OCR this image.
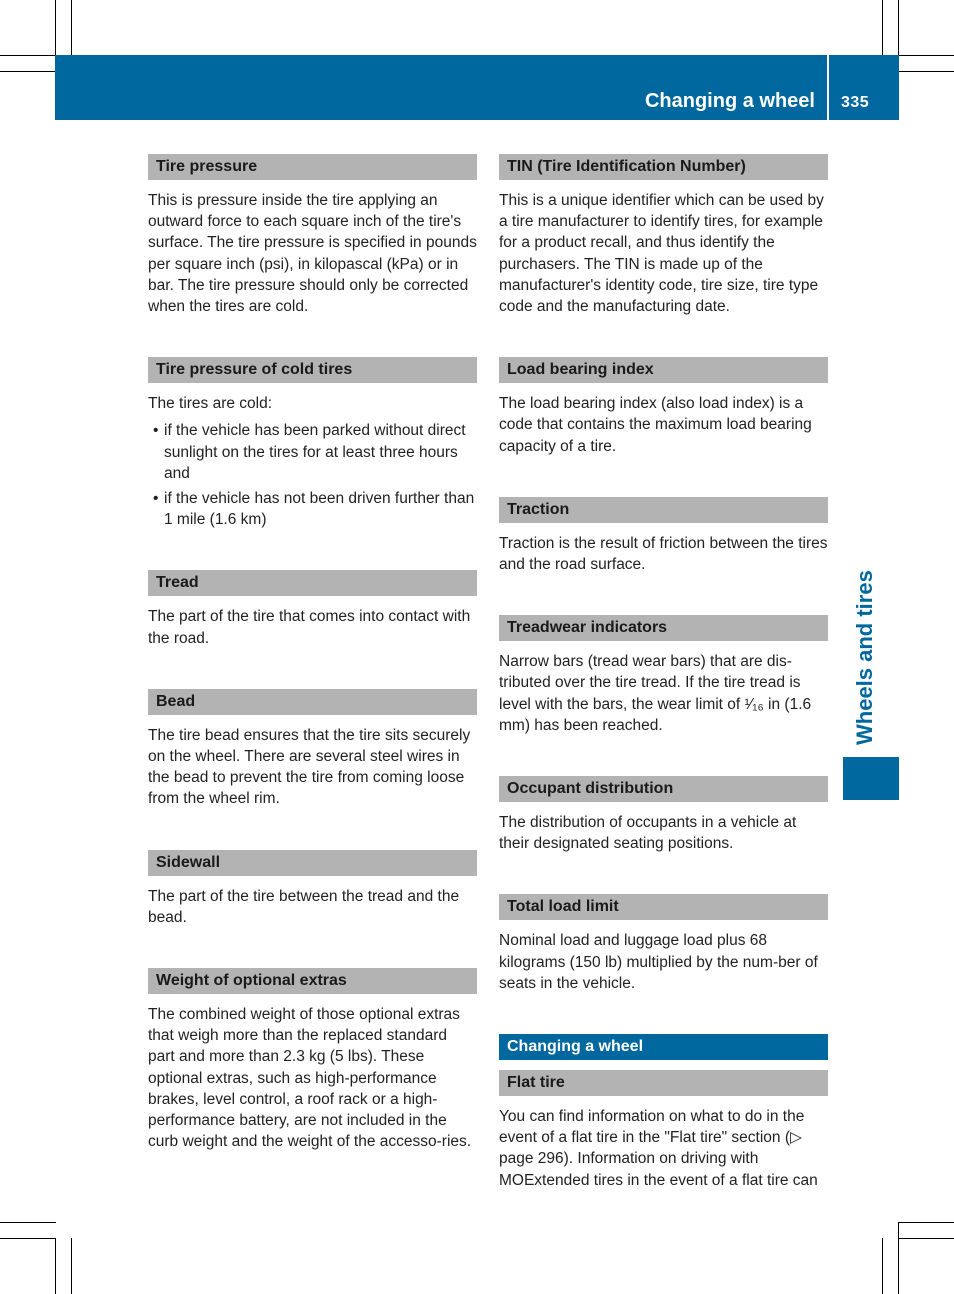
Changing a wheel 335
Wheels and tires
Tire pressure

This is pressure inside the tire applying an outward force to each square inch of the tire's surface. The tire pressure is specified in pounds per square inch (psi), in kilopascal (kPa) or in bar. The tire pressure should only be corrected when the tires are cold.

Tire pressure of cold tires

The tires are cold:

• if the vehicle has been parked without direct sunlight on the tires for at least three hours and
• if the vehicle has not been driven further than 1 mile (1.6 km)
Tread

The part of the tire that comes into contact with the road.

Bead

The tire bead ensures that the tire sits securely on the wheel. There are several steel wires in the bead to prevent the tire from coming loose from the wheel rim.

Sidewall

The part of the tire between the tread and the bead.

Weight of optional extras

The combined weight of those optional extras that weigh more than the replaced standard part and more than 2.3 kg (5 lbs). These optional extras, such as high-performance brakes, level control, a roof rack or a high-performance battery, are not included in the curb weight and the weight of the accesso-ries.

TIN (Tire Identification Number)

This is a unique identifier which can be used by a tire manufacturer to identify tires, for example for a product recall, and thus identify the purchasers. The TIN is made up of the manufacturer's identity code, tire size, tire type code and the manufacturing date.

Load bearing index

The load bearing index (also load index) is a code that contains the maximum load bearing capacity of a tire.

Traction

Traction is the result of friction between the tires and the road surface.

Treadwear indicators

Narrow bars (tread wear bars) that are dis-tributed over the tire tread. If the tire tread is level with the bars, the wear limit of ¹⁄₁₆ in (1.6 mm) has been reached.

Occupant distribution

The distribution of occupants in a vehicle at their designated seating positions.

Total load limit

Nominal load and luggage load plus 68 kilograms (150 lb) multiplied by the num-ber of seats in the vehicle.

Changing a wheel
Flat tire

You can find information on what to do in the event of a flat tire in the "Flat tire" section (▷ page 296). Information on driving with MOExtended tires in the event of a flat tire can
